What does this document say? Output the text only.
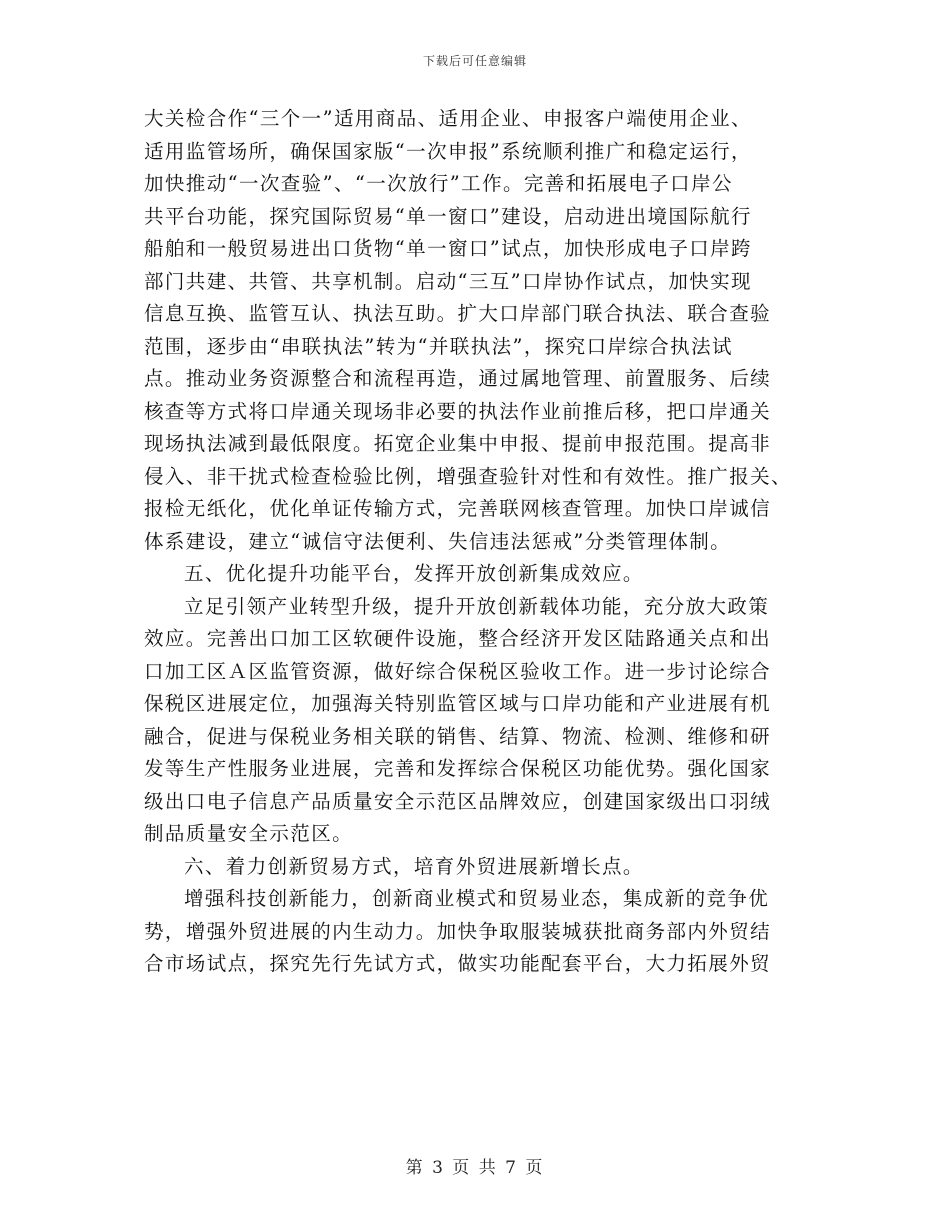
下载后可任意编辑
大关检合作“三个一”适用商品、适用企业、申报客户端使用企业、
适用监管场所，确保国家版“一次申报”系统顺利推广和稳定运行，
加快推动“一次查验”、“一次放行”工作。完善和拓展电子口岸公
共平台功能，探究国际贸易“单一窗口”建设，启动进出境国际航行
船舶和一般贸易进出口货物“单一窗口”试点，加快形成电子口岸跨
部门共建、共管、共享机制。启动“三互”口岸协作试点，加快实现
信息互换、监管互认、执法互助。扩大口岸部门联合执法、联合查验
范围，逐步由“串联执法”转为“并联执法”，探究口岸综合执法试
点。推动业务资源整合和流程再造，通过属地管理、前置服务、后续
核查等方式将口岸通关现场非必要的执法作业前推后移，把口岸通关
现场执法减到最低限度。拓宽企业集中申报、提前申报范围。提高非
侵入、非干扰式检查检验比例，增强查验针对性和有效性。推广报关、
报检无纸化，优化单证传输方式，完善联网核查管理。加快口岸诚信
体系建设，建立“诚信守法便利、失信违法惩戒”分类管理体制。
五、优化提升功能平台，发挥开放创新集成效应。
立足引领产业转型升级，提升开放创新载体功能，充分放大政策
效应。完善出口加工区软硬件设施，整合经济开发区陆路通关点和出
口加工区Ａ区监管资源，做好综合保税区验收工作。进一步讨论综合
保税区进展定位，加强海关特别监管区域与口岸功能和产业进展有机
融合，促进与保税业务相关联的销售、结算、物流、检测、维修和研
发等生产性服务业进展，完善和发挥综合保税区功能优势。强化国家
级出口电子信息产品质量安全示范区品牌效应，创建国家级出口羽绒
制品质量安全示范区。
六、着力创新贸易方式，培育外贸进展新增长点。
增强科技创新能力，创新商业模式和贸易业态，集成新的竞争优
势，增强外贸进展的内生动力。加快争取服装城获批商务部内外贸结
合市场试点，探究先行先试方式，做实功能配套平台，大力拓展外贸
第 3 页 共 7 页
